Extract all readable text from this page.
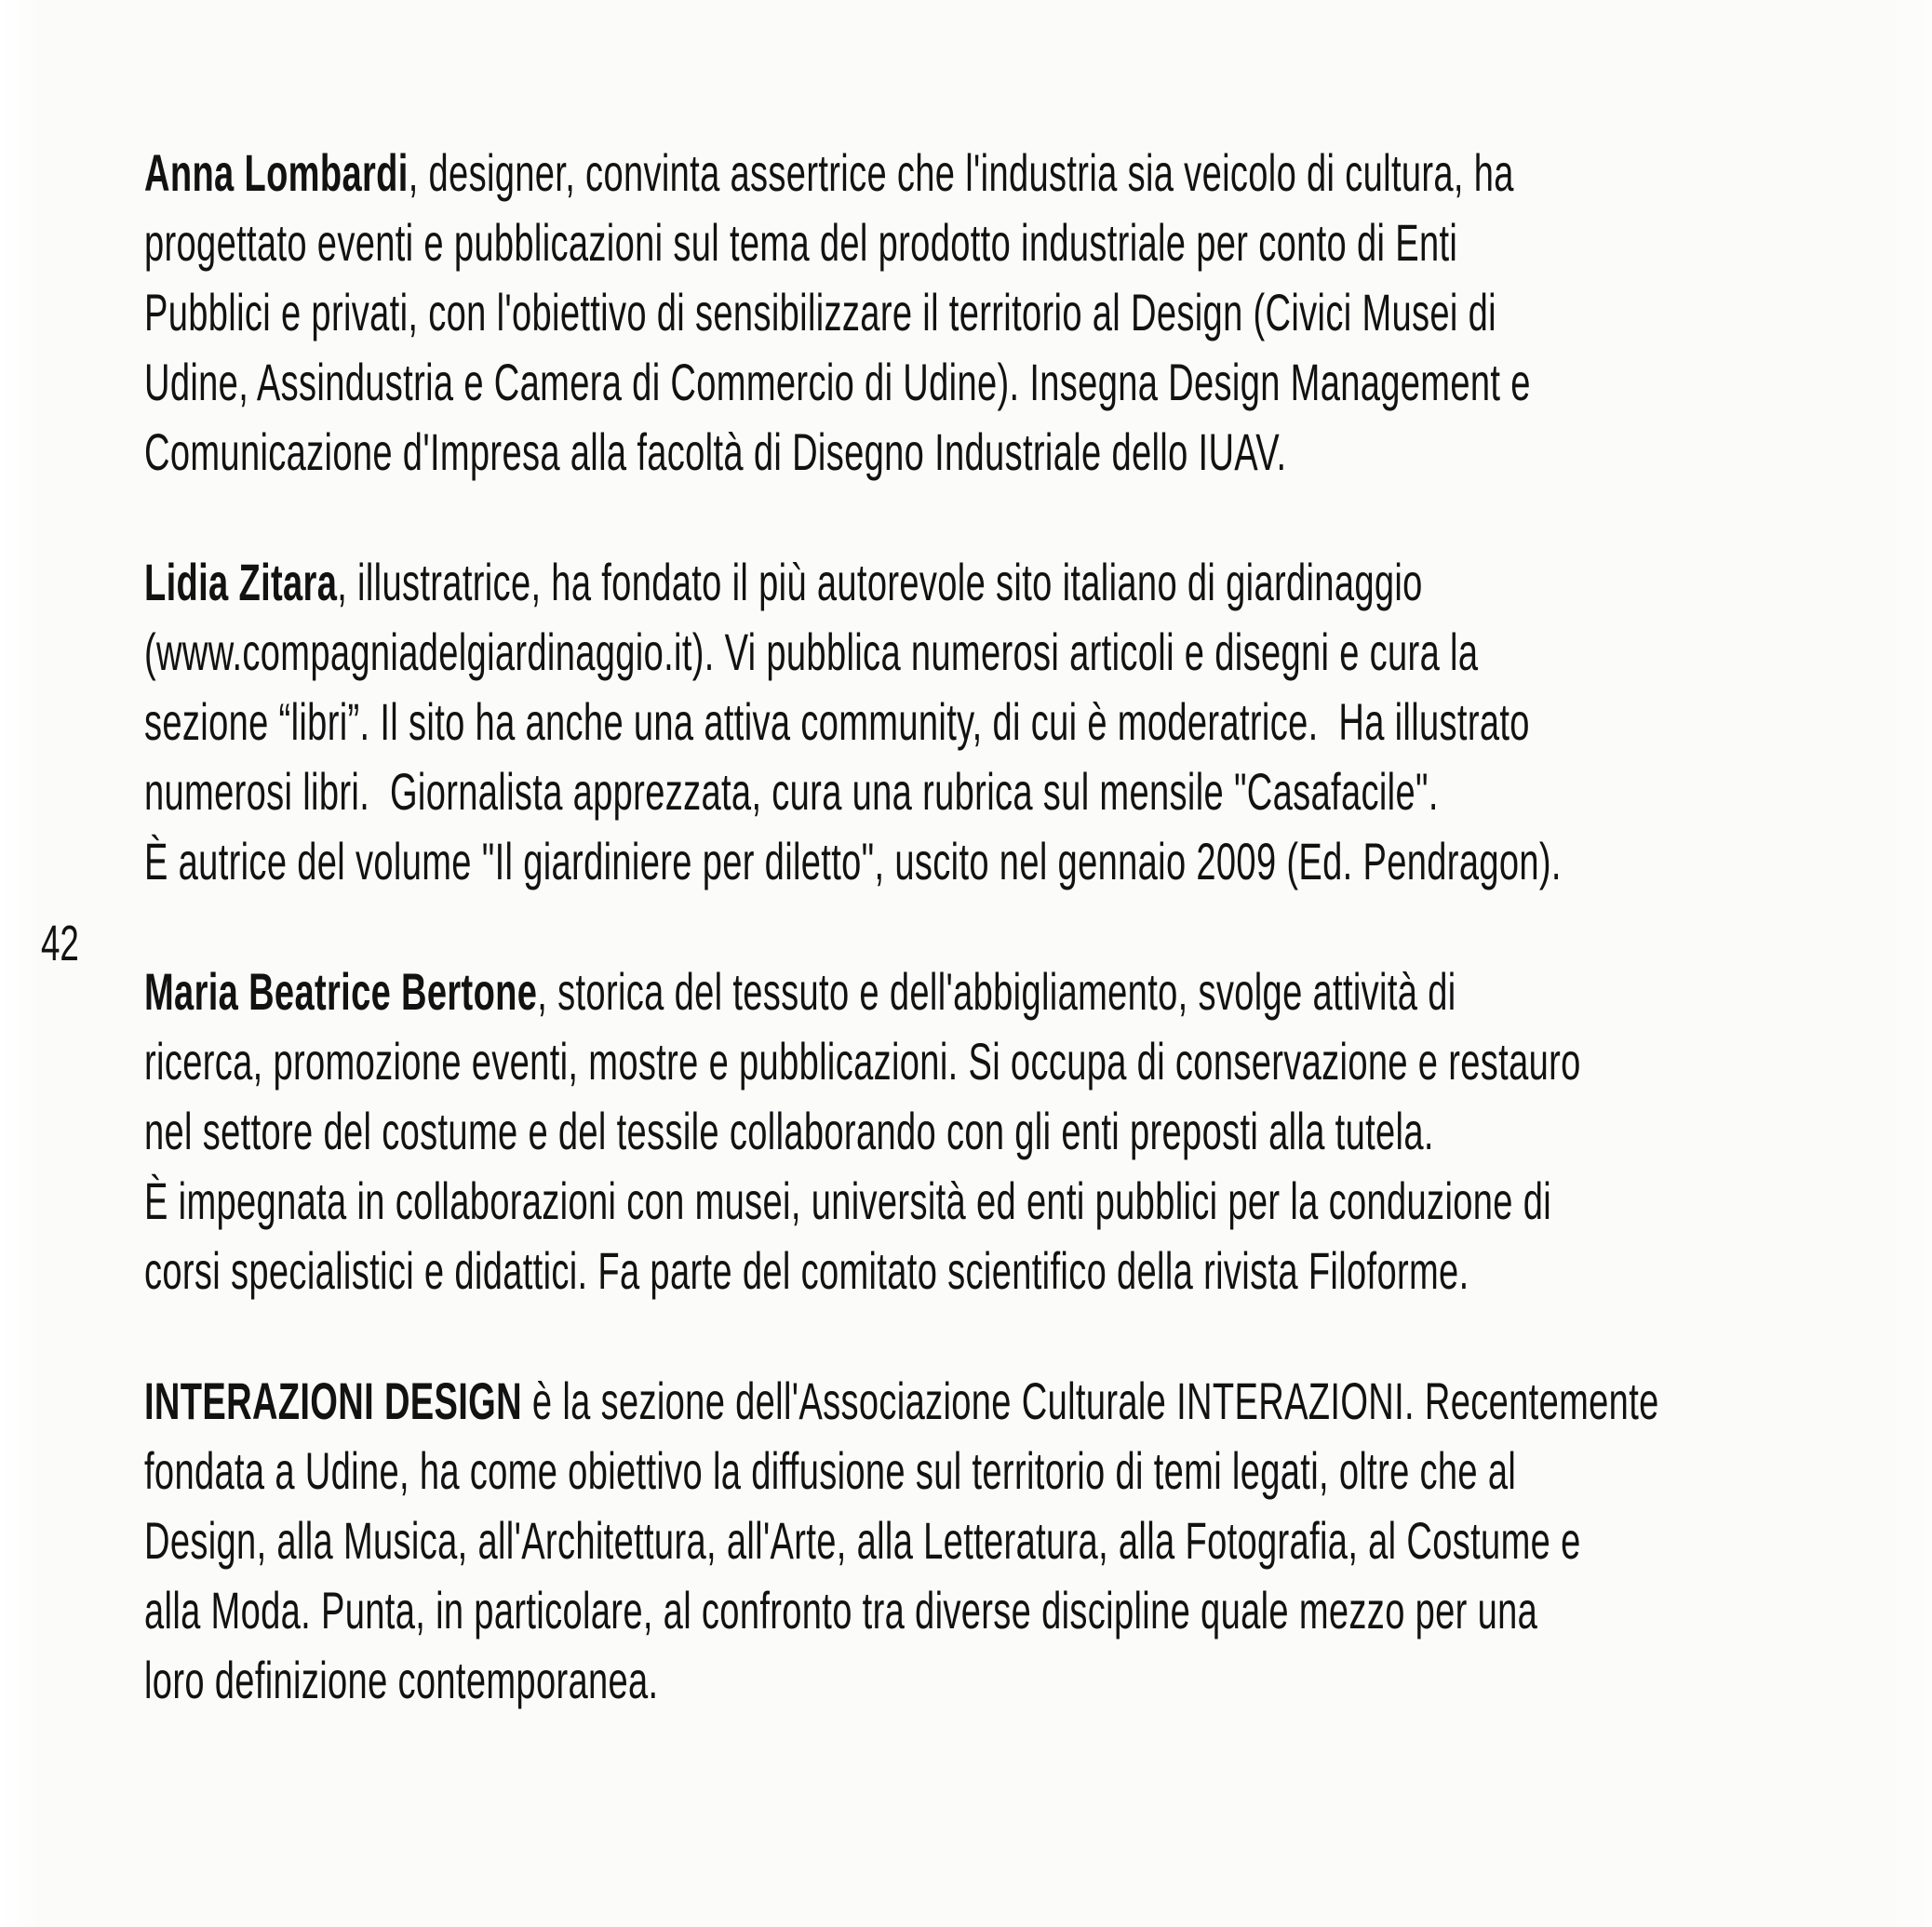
42
Anna Lombardi, designer, convinta assertrice che l'industria sia veicolo di cultura, ha
progettato eventi e pubblicazioni sul tema del prodotto industriale per conto di Enti
Pubblici e privati, con l'obiettivo di sensibilizzare il territorio al Design (Civici Musei di
Udine, Assindustria e Camera di Commercio di Udine). Insegna Design Management e
Comunicazione d'Impresa alla facoltà di Disegno Industriale dello IUAV.
Lidia Zitara, illustratrice, ha fondato il più autorevole sito italiano di giardinaggio
(www.compagniadelgiardinaggio.it). Vi pubblica numerosi articoli e disegni e cura la
sezione “libri”. Il sito ha anche una attiva community, di cui è moderatrice.  Ha illustrato
numerosi libri.  Giornalista apprezzata, cura una rubrica sul mensile "Casafacile".
È autrice del volume "Il giardiniere per diletto", uscito nel gennaio 2009 (Ed. Pendragon).
Maria Beatrice Bertone, storica del tessuto e dell'abbigliamento, svolge attività di
ricerca, promozione eventi, mostre e pubblicazioni. Si occupa di conservazione e restauro
nel settore del costume e del tessile collaborando con gli enti preposti alla tutela.
È impegnata in collaborazioni con musei, università ed enti pubblici per la conduzione di
corsi specialistici e didattici. Fa parte del comitato scientifico della rivista Filoforme.
INTERAZIONI DESIGN è la sezione dell'Associazione Culturale INTERAZIONI. Recentemente
fondata a Udine, ha come obiettivo la diffusione sul territorio di temi legati, oltre che al
Design, alla Musica, all'Architettura, all'Arte, alla Letteratura, alla Fotografia, al Costume e
alla Moda. Punta, in particolare, al confronto tra diverse discipline quale mezzo per una
loro definizione contemporanea.
